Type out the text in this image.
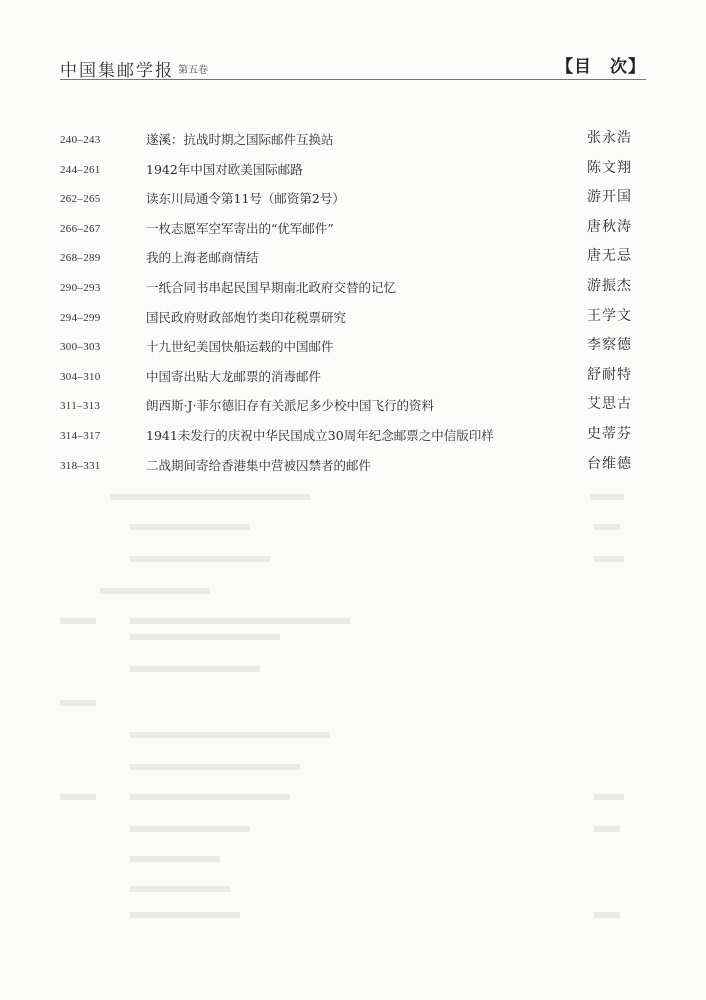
中国集邮学报 第五卷	【目　次】
240–243	遂溪：抗战时期之国际邮件互换站	张永浩
244–261	1942年中国对欧美国际邮路	陈文翔
262–265	读东川局通令第11号（邮资第2号）	游开国
266–267	一枚志愿军空军寄出的“优军邮件”	唐秋涛
268–289	我的上海老邮商情结	唐无忌
290–293	一纸合同书串起民国早期南北政府交替的记忆	游振杰
294–299	国民政府财政部炮竹类印花税票研究	王学文
300–303	十九世纪美国快船运载的中国邮件	李察德
304–310	中国寄出贴大龙邮票的消毒邮件	舒耐特
311–313	朗西斯·J·菲尔德旧存有关派尼多少校中国飞行的资料	艾思古
314–317	1941未发行的庆祝中华民国成立30周年纪念邮票之中信版印样	史蒂芬
318–331	二战期间寄给香港集中营被囚禁者的邮件	台维德
